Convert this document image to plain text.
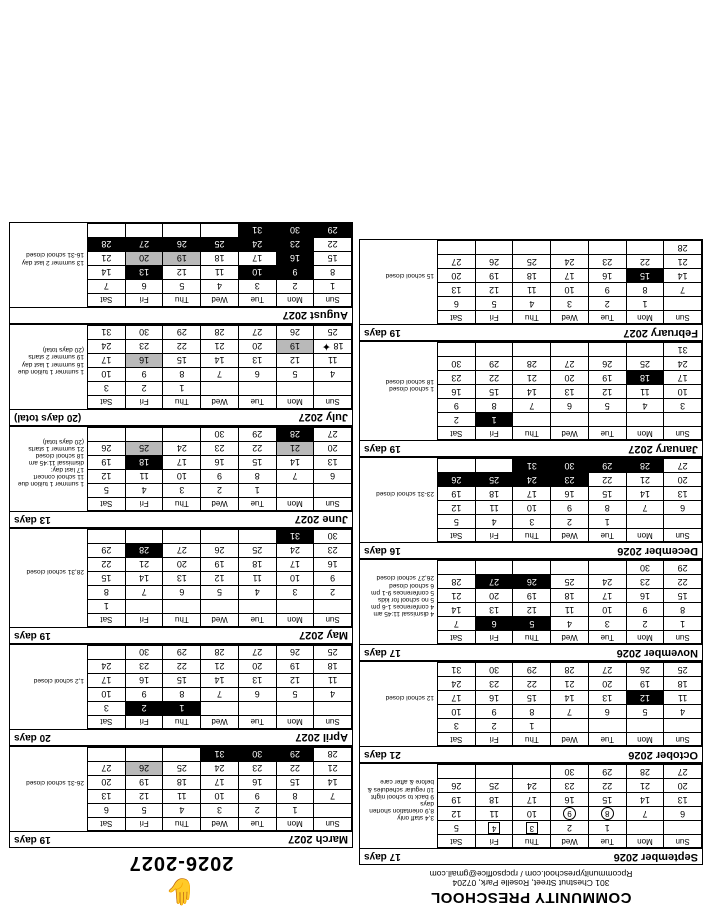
COMMUNITY PRESCHOOL
301 Chestnut Street, Roselle Park, 07204
Rpcommunitypreschool.com / rpcpsoffice@gmail.com
September 2026
17 days
Sun	Mon	Tue	Wed	Thu	Fri	Sat	
		1	2	3	4	5	3,4 staff only
8,9 orientation shorten days
9 back to school night
10 regular schedules & before & after care

6	7	8	9	10	11	12	
13	14	15	16	17	18	19	
20	21	22	23	24	25	26	
27	28	29	30				
October 2026
21 days
Sun	Mon	Tue	Wed	Thu	Fri	Sat	
				1	2	3	12 school closed

4	5	6	7	8	9	10	
11	12	13	14	15	16	17	
18	19	20	21	22	23	24	
25	26	27	28	29	30	31	
November 2026
17 days
Sun	Mon	Tue	Wed	Thu	Fri	Sat	
1	2	3	4	5	6	7	
4 dismissal 11:45 am
4 conferences 1-6 pm
5 no school for kids
5 conferences 9-1 pm
6 school closed
26,27 school closed

8	9	10	11	12	13	14	
15	16	17	18	19	20	21	
22	23	24	25	26	27	28	
29	30						
December 2026
16 days
Sun	Mon	Tue	Wed	Thu	Fri	Sat	
		1	2	3	4	5	23-31 school closed

6	7	8	9	10	11	12	
13	14	15	16	17	18	19	
20	21	22	23	24	25	26	
27	28	29	30	31			
January 2027
19 days
Sun	Mon	Tue	Wed	Thu	Fri	Sat	
					1	2	1 school closed
18 school closed

3	4	5	6	7	8	9	
10	11	12	13	14	15	16	
17	18	19	20	21	22	23	
24	25	26	27	28	29	30	
31							
February 2027
19 days
Sun	Mon	Tue	Wed	Thu	Fri	Sat	
	1	2	3	4	5	6	15 school closed

7	8	9	10	11	12	13	
14	15	16	17	18	19	20	
21	22	23	24	25	26	27	
28							
✋
2026-2027
March 2027
19 days
Sun	Mon	Tue	Wed	Thu	Fri	Sat	
	1	2	3	4	5	6	26-31 school closed

7	8	9	10	11	12	13	
14	15	16	17	18	19	20	
21	22	23	24	25	26	27	
28	29	30	31				
April 2027
20 days
Sun	Mon	Tue	Wed	Thu	Fri	Sat	
				1	2	3	1,2 school closed

4	5	6	7	8	9	10	
11	12	13	14	15	16	17	
18	19	20	21	22	23	24	
25	26	27	28	29	30		
May 2027
19 days
Sun	Mon	Tue	Wed	Thu	Fri	Sat	
						1	28,31 school closed

2	3	4	5	6	7	8	
9	10	11	12	13	14	15	
16	17	18	19	20	21	22	
23	24	25	26	27	28	29	
30	31						
June 2027
13 days
Sun	Mon	Tue	Wed	Thu	Fri	Sat	
		1	2	3	4	5	
1 summer 1 tuition due
11 school concert
17 last day:
dismissal 11:45 am
18 school closed
21 summer 1 starts
(20 days total)

6	7	8	9	10	11	12	
13	14	15	16	17	18	19	
20	21	22	23	24	25	26	
27	28	29	30				
July 2027
(20 days total)
Sun	Mon	Tue	Wed	Thu	Fri	Sat	
				1	2	3	1 summer 1 tuition due
16 summer 1 last day
19 summer 2 starts
(20 days total)

4	5	6	7	8	9	10	
11	12	13	14	15	16	17	
18 ✦	19	20	21	22	23	24	
25	26	27	28	29	30	31	
August 2027
Sun	Mon	Tue	Wed	Thu	Fri	Sat	
1	2	3	4	5	6	7	13 summer 2 last day
16-31 school closed

8	9	10	11	12	13	14	
15	16	17	18	19	20	21	
22	23	24	25	26	27	28	
29	30	31					
